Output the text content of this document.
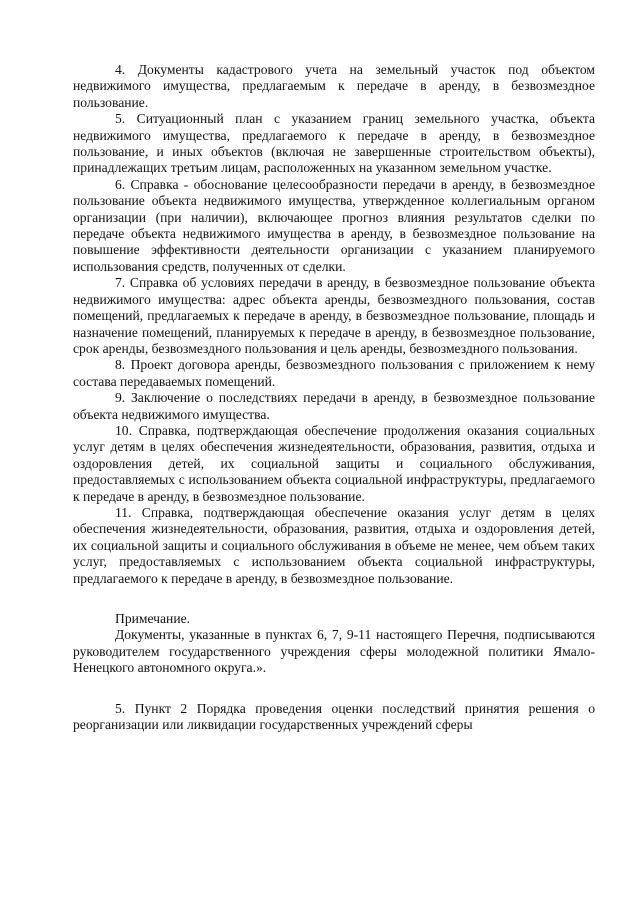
4. Документы кадастрового учета на земельный участок под объектом недвижимого имущества, предлагаемым к передаче в аренду, в безвозмездное пользование.

5. Ситуационный план с указанием границ земельного участка, объекта недвижимого имущества, предлагаемого к передаче в аренду, в безвозмездное пользование, и иных объектов (включая не завершенные строительством объекты), принадлежащих третьим лицам, расположенных на указанном земельном участке.

6. Справка - обоснование целесообразности передачи в аренду, в безвозмездное пользование объекта недвижимого имущества, утвержденное коллегиальным органом организации (при наличии), включающее прогноз влияния результатов сделки по передаче объекта недвижимого имущества в аренду, в безвозмездное пользование на повышение эффективности деятельности организации с указанием планируемого использования средств, полученных от сделки.

7. Справка об условиях передачи в аренду, в безвозмездное пользование объекта недвижимого имущества: адрес объекта аренды, безвозмездного пользования, состав помещений, предлагаемых к передаче в аренду, в безвозмездное пользование, площадь и назначение помещений, планируемых к передаче в аренду, в безвозмездное пользование, срок аренды, безвозмездного пользования и цель аренды, безвозмездного пользования.

8. Проект договора аренды, безвозмездного пользования с приложением к нему состава передаваемых помещений.

9. Заключение о последствиях передачи в аренду, в безвозмездное пользование объекта недвижимого имущества.

10. Справка, подтверждающая обеспечение продолжения оказания социальных услуг детям в целях обеспечения жизнедеятельности, образования, развития, отдыха и оздоровления детей, их социальной защиты и социального обслуживания, предоставляемых с использованием объекта социальной инфраструктуры, предлагаемого к передаче в аренду, в безвозмездное пользование.

11. Справка, подтверждающая обеспечение оказания услуг детям в целях обеспечения жизнедеятельности, образования, развития, отдыха и оздоровления детей, их социальной защиты и социального обслуживания в объеме не менее, чем объем таких услуг, предоставляемых с использованием объекта социальной инфраструктуры, предлагаемого к передаче в аренду, в безвозмездное пользование.

Примечание.

Документы, указанные в пунктах 6, 7, 9-11 настоящего Перечня, подписываются руководителем государственного учреждения сферы молодежной политики Ямало-Ненецкого автономного округа.».

5. Пункт 2 Порядка проведения оценки последствий принятия решения о реорганизации или ликвидации государственных учреждений сферы
